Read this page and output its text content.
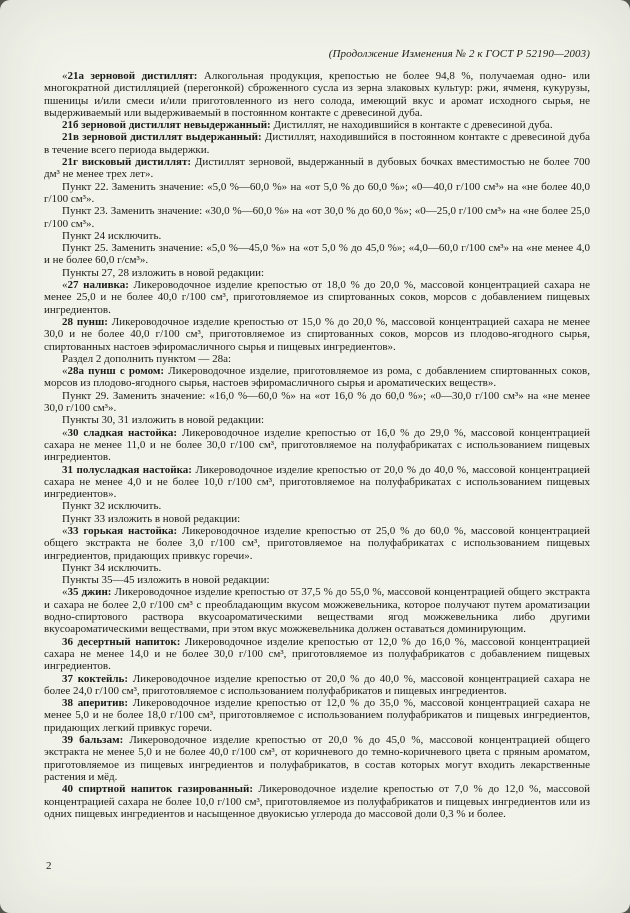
(Продолжение Изменения № 2 к ГОСТ Р 52190—2003)

«21а зерновой дистиллят: Алкогольная продукция, крепостью не более 94,8 %, получаемая одно- или многократной дистилляцией (перегонкой) сброженного сусла из зерна злаковых культур: ржи, ячменя, кукурузы, пшеницы и/или смеси и/или приготовленного из него солода, имеющий вкус и аромат исходного сырья, не выдерживаемый или выдерживаемый в постоянном контакте с древесиной дуба.

21б зерновой дистиллят невыдержанный: Дистиллят, не находившийся в контакте с древесиной дуба.

21в зерновой дистиллят выдержанный: Дистиллят, находившийся в постоянном контакте с древесиной дуба в течение всего периода выдержки.

21г висковый дистиллят: Дистиллят зерновой, выдержанный в дубовых бочках вместимостью не более 700 дм³ не менее трех лет».

Пункт 22. Заменить значение: «5,0 %—60,0 %» на «от 5,0 % до 60,0 %»; «0—40,0 г/100 см³» на «не более 40,0 г/100 см³».

Пункт 23. Заменить значение: «30,0 %—60,0 %» на «от 30,0 % до 60,0 %»; «0—25,0 г/100 см³» на «не более 25,0 г/100 см³».

Пункт 24 исключить.

Пункт 25. Заменить значение: «5,0 %—45,0 %» на «от 5,0 % до 45,0 %»; «4,0—60,0 г/100 см³» на «не менее 4,0 и не более 60,0 г/см³».

Пункты 27, 28 изложить в новой редакции:

«27 наливка: Ликероводочное изделие крепостью от 18,0 % до 20,0 %, массовой концентрацией сахара не менее 25,0 и не более 40,0 г/100 см³, приготовляемое из спиртованных соков, морсов с добавлением пищевых ингредиентов.

28 пунш: Ликероводочное изделие крепостью от 15,0 % до 20,0 %, массовой концентрацией сахара не менее 30,0 и не более 40,0 г/100 см³, приготовляемое из спиртованных соков, морсов из плодово-ягодного сырья, спиртованных настоев эфиромасличного сырья и пищевых ингредиентов».

Раздел 2 дополнить пунктом — 28а:

«28а пунш с ромом: Ликероводочное изделие, приготовляемое из рома, с добавлением спиртованных соков, морсов из плодово-ягодного сырья, настоев эфиромасличного сырья и ароматических веществ».

Пункт 29. Заменить значение: «16,0 %—60,0 %» на «от 16,0 % до 60,0 %»; «0—30,0 г/100 см³» на «не менее 30,0 г/100 см³».

Пункты 30, 31 изложить в новой редакции:

«30 сладкая настойка: Ликероводочное изделие крепостью от 16,0 % до 29,0 %, массовой концентрацией сахара не менее 11,0 и не более 30,0 г/100 см³, приготовляемое на полуфабрикатах с использованием пищевых ингредиентов.

31 полусладкая настойка: Ликероводочное изделие крепостью от 20,0 % до 40,0 %, массовой концентрацией сахара не менее 4,0 и не более 10,0 г/100 см³, приготовляемое на полуфабрикатах с использованием пищевых ингредиентов».

Пункт 32 исключить.

Пункт 33 изложить в новой редакции:

«33 горькая настойка: Ликероводочное изделие крепостью от 25,0 % до 60,0 %, массовой концентрацией общего экстракта не более 3,0 г/100 см³, приготовляемое на полуфабрикатах с использованием пищевых ингредиентов, придающих привкус горечи».

Пункт 34 исключить.

Пункты 35—45 изложить в новой редакции:

«35 джин: Ликероводочное изделие крепостью от 37,5 % до 55,0 %, массовой концентрацией общего экстракта и сахара не более 2,0 г/100 см³ с преобладающим вкусом можжевельника, которое получают путем ароматизации водно-спиртового раствора вкусоароматическими веществами ягод можжевельника либо другими вкусоароматическими веществами, при этом вкус можжевельника должен оставаться доминирующим.

36 десертный напиток: Ликероводочное изделие крепостью от 12,0 % до 16,0 %, массовой концентрацией сахара не менее 14,0 и не более 30,0 г/100 см³, приготовляемое из полуфабрикатов с добавлением пищевых ингредиентов.

37 коктейль: Ликероводочное изделие крепостью от 20,0 % до 40,0 %, массовой концентрацией сахара не более 24,0 г/100 см³, приготовляемое с использованием полуфабрикатов и пищевых ингредиентов.

38 аперитив: Ликероводочное изделие крепостью от 12,0 % до 35,0 %, массовой концентрацией сахара не менее 5,0 и не более 18,0 г/100 см³, приготовляемое с использованием полуфабрикатов и пищевых ингредиентов, придающих легкий привкус горечи.

39 бальзам: Ликероводочное изделие крепостью от 20,0 % до 45,0 %, массовой концентрацией общего экстракта не менее 5,0 и не более 40,0 г/100 см³, от коричневого до темно-коричневого цвета с пряным ароматом, приготовляемое из пищевых ингредиентов и полуфабрикатов, в состав которых могут входить лекарственные растения и мёд.

40 спиртной напиток газированный: Ликероводочное изделие крепостью от 7,0 % до 12,0 %, массовой концентрацией сахара не более 10,0 г/100 см³, приготовляемое из полуфабрикатов и пищевых ингредиентов или из одних пищевых ингредиентов и насыщенное двуокисью углерода до массовой доли 0,3 % и более.

2
